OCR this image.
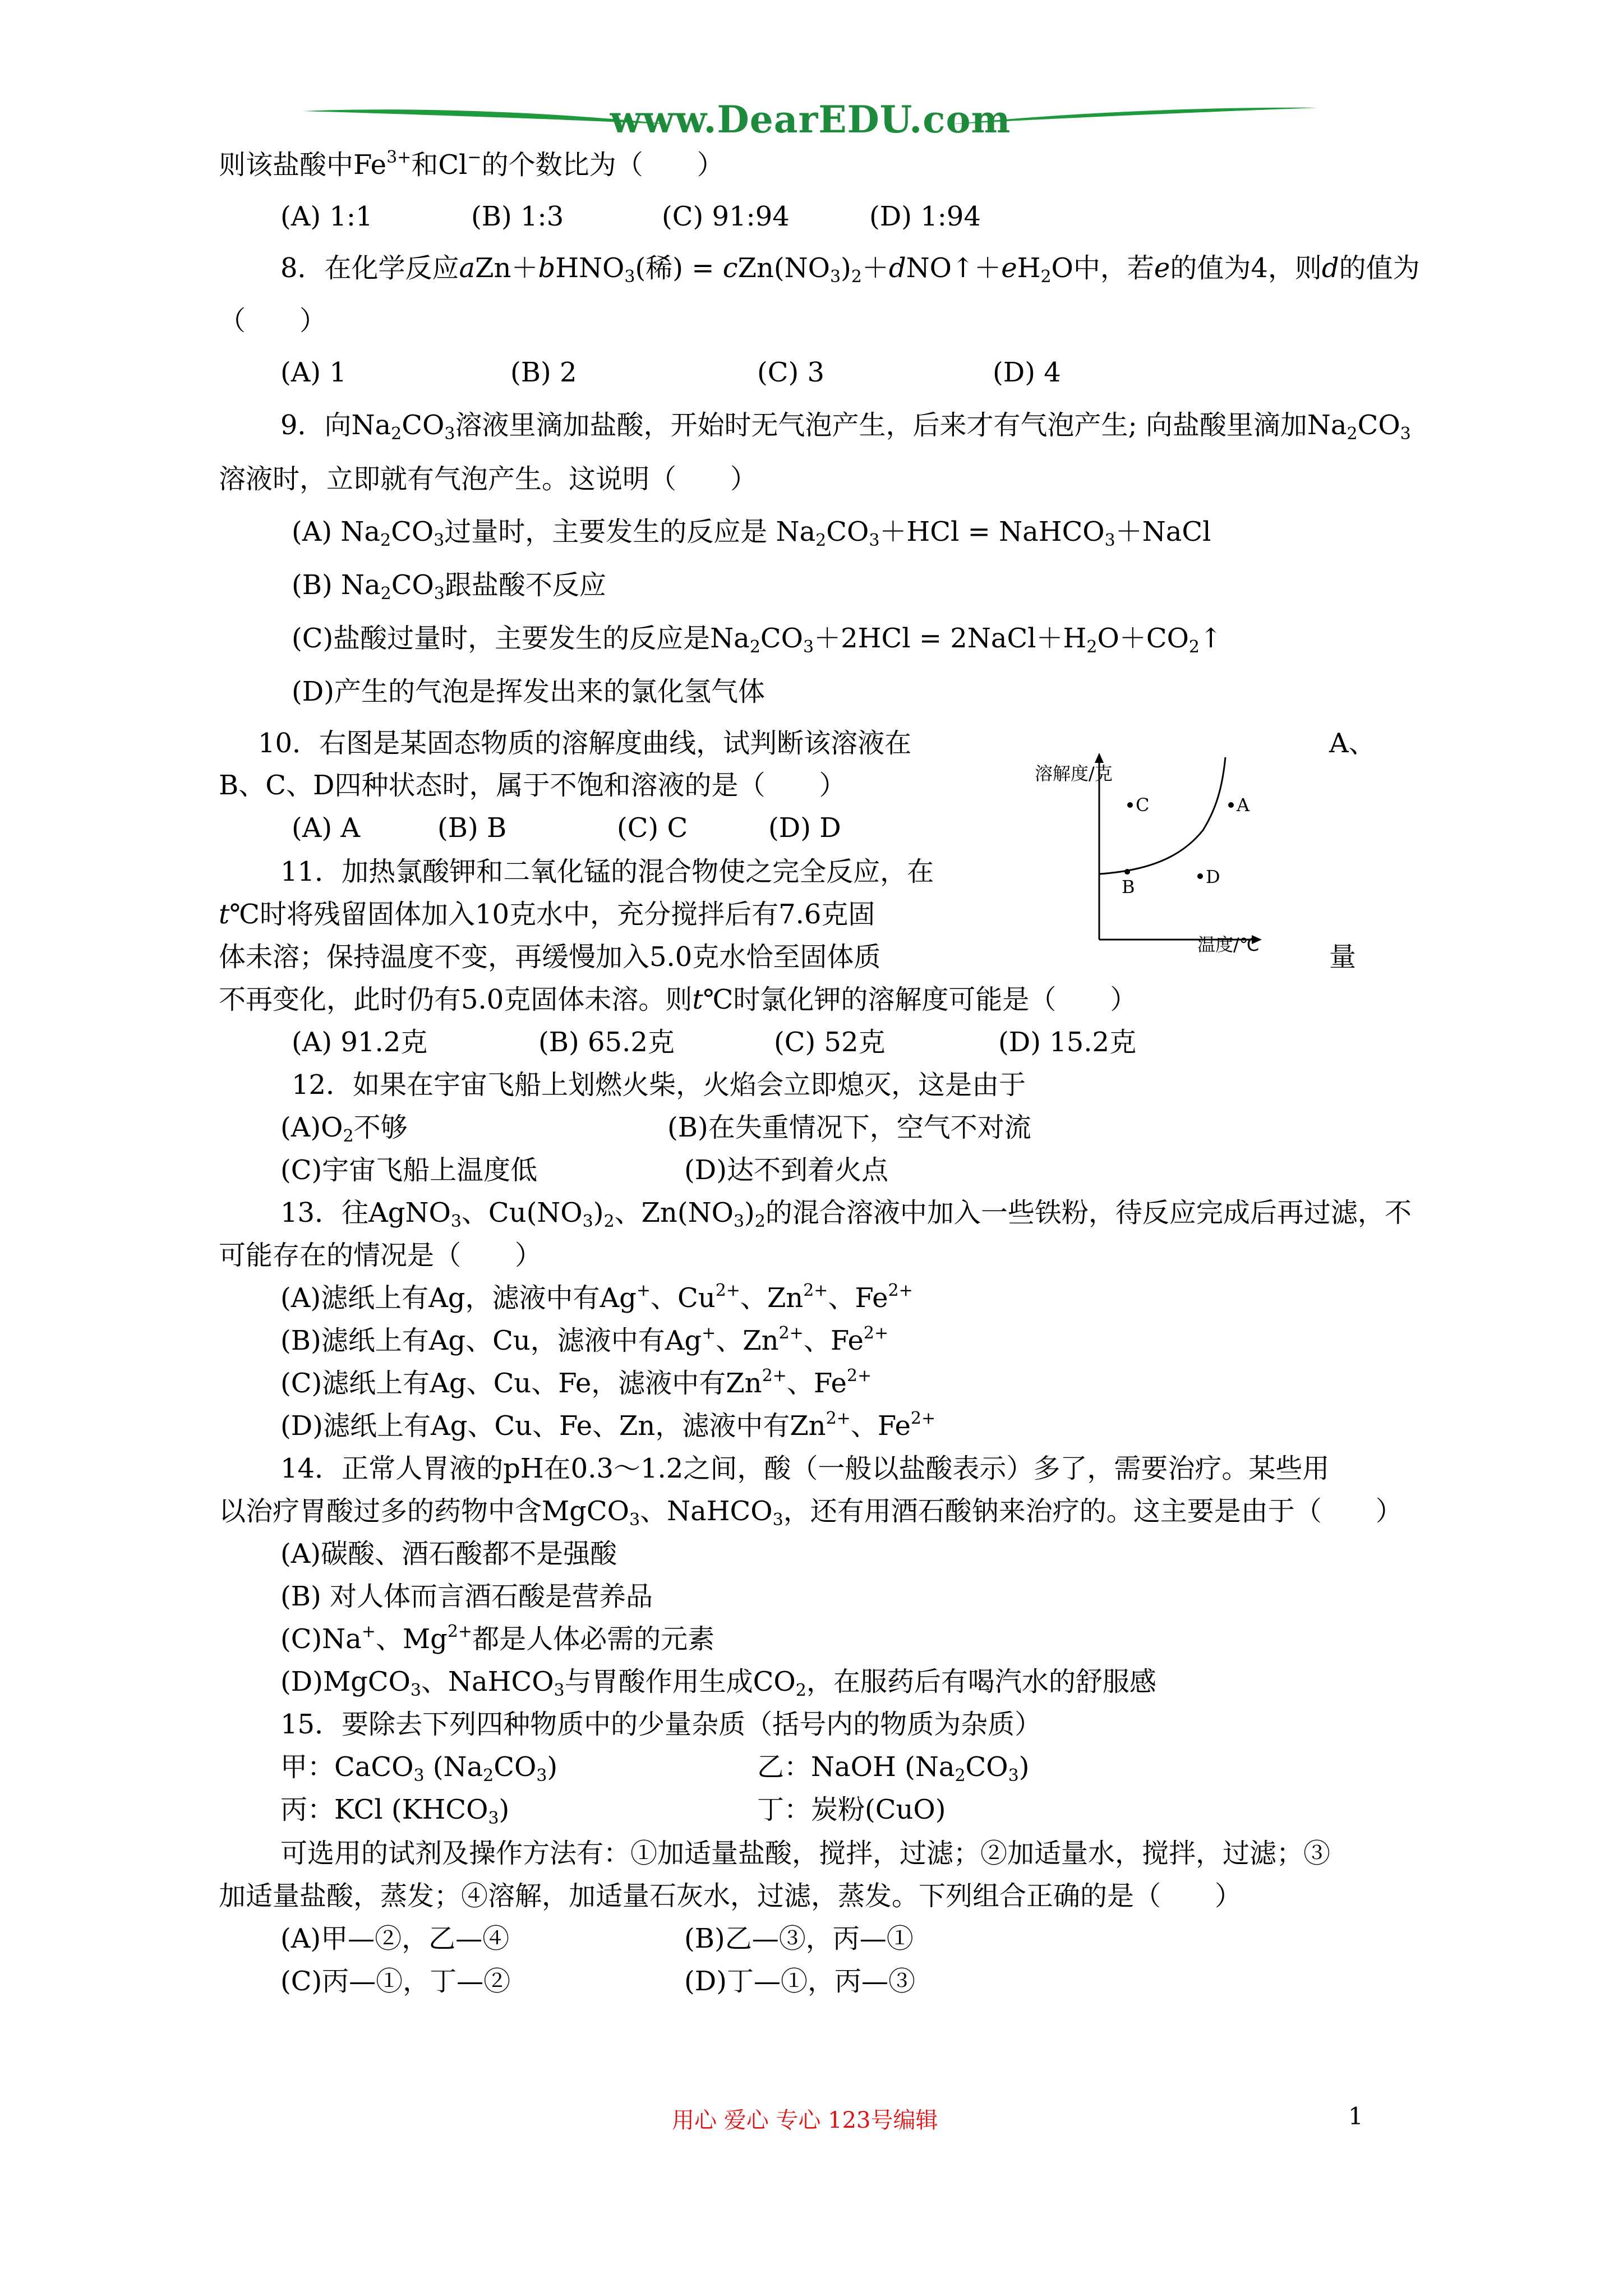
www.DearEDU.com
则该盐酸中$Fe^{3+}$和Cl−的个数比为（　　）
(A) 1:1	(B) 1:3	(C) 91:94	(D) 1:94
8．在化学反应aZn＋bHNO$_3$(稀) = $cZn(NO_3)_2+dNO↑+eH_2O$中，若e的值为4，则d的值为
（　　）
(A) 1	(B) 2	(C) 3	(D) 4
9．向$Na_2CO_3$溶液里滴加盐酸，开始时无气泡产生，后来才有气泡产生; 向盐酸里滴加$Na_2CO_3$
溶液时，立即就有气泡产生。这说明（　　）
(A) $Na_2CO_3$过量时，主要发生的反应是 $Na_2CO_3+HCl$ = NaHCO$_3$＋NaCl
(B) $Na_2CO_3$跟盐酸不反应
(C)盐酸过量时，主要发生的反应是$Na_2CO_3+2HCl$ = $2NaCl+H_2O+CO_2↑$
(D)产生的气泡是挥发出来的氯化氢气体
10．右图是某固态物质的溶解度曲线，试判断该溶液在	A、
B、C、D四种状态时，属于不饱和溶液的是（　　）
(A) A	(B) B	(C) C	(D) D
溶解度/克
温度/℃
C	A
B	D
11．加热氯酸钾和二氧化锰的混合物使之完全反应，在
t℃时将残留固体加入10克水中，充分搅拌后有7.6克固
体未溶；保持温度不变，再缓慢加入5.0克水恰至固体质	量
不再变化，此时仍有5.0克固体未溶。则t℃时氯化钾的溶解度可能是（　　）
(A) 91.2克	(B) 65.2克	(C) 52克	(D) 15.2克
12．如果在宇宙飞船上划燃火柴，火焰会立即熄灭，这是由于
$(A)O_2$不够	(B)在失重情况下，空气不对流
(C)宇宙飞船上温度低	(D)达不到着火点
13．往AgNO$_3$、$Cu(NO_3)_2$、$Zn(NO_3)_2$的混合溶液中加入一些铁粉，待反应完成后再过滤，不
可能存在的情况是（　　）
(A)滤纸上有Ag，滤液中有Ag+、$Cu^{2+}$、$Zn^{2+}$、$Fe^{2+}$
(B)滤纸上有Ag、Cu，滤液中有Ag+、$Zn^{2+}$、$Fe^{2+}$
(C)滤纸上有Ag、Cu、Fe，滤液中有$Zn^{2+}$、$Fe^{2+}$
(D)滤纸上有Ag、Cu、Fe、Zn，滤液中有$Zn^{2+}$、$Fe^{2+}$
14．正常人胃液的pH在0.3～1.2之间，酸（一般以盐酸表示）多了，需要治疗。某些用
以治疗胃酸过多的药物中含MgCO$_3$、NaHCO$_3$，还有用酒石酸钠来治疗的。这主要是由于（　　）
(A)碳酸、酒石酸都不是强酸
(B) 对人体而言酒石酸是营养品
(C)Na+、$Mg^{2+}$都是人体必需的元素
(D)MgCO$_3$、NaHCO$_3$与胃酸作用生成$CO_2$，在服药后有喝汽水的舒服感
15．要除去下列四种物质中的少量杂质（括号内的物质为杂质）
甲：CaCO$_3$ $(Na_2CO_3)$	乙：NaOH $(Na_2CO_3)$
丙：KCl $(KHCO_3)$	丁：炭粉(CuO)
可选用的试剂及操作方法有：①加适量盐酸，搅拌，过滤；②加适量水，搅拌，过滤；③
加适量盐酸，蒸发；④溶解，加适量石灰水，过滤，蒸发。下列组合正确的是（　　）
(A)甲—②，乙—④	(B)乙—③，丙—①
(C)丙—①，丁—②	(D)丁—①，丙—③
用心 爱心 专心 123号编辑	1
